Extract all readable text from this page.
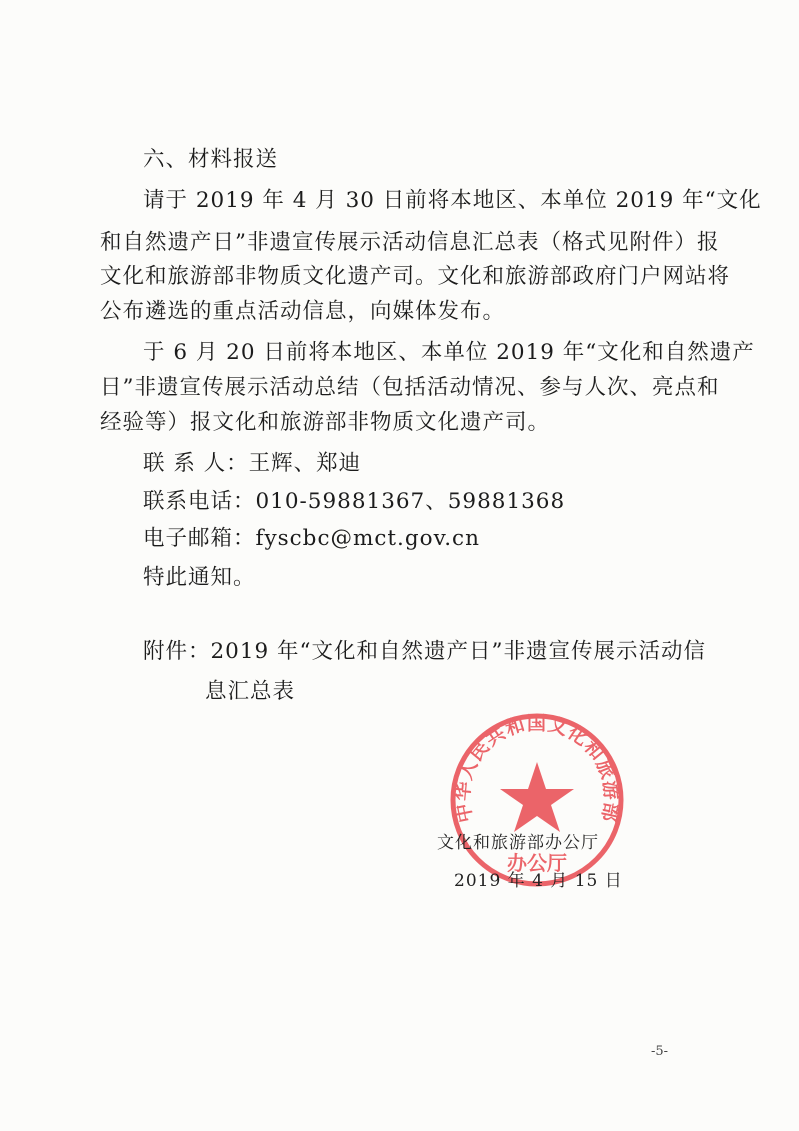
六、材料报送
请于 2019 年 4 月 30 日前将本地区、本单位 2019 年“文化
和自然遗产日”非遗宣传展示活动信息汇总表（格式见附件）报
文化和旅游部非物质文化遗产司。文化和旅游部政府门户网站将
公布遴选的重点活动信息，向媒体发布。
于 6 月 20 日前将本地区、本单位 2019 年“文化和自然遗产
日”非遗宣传展示活动总结（包括活动情况、参与人次、亮点和
经验等）报文化和旅游部非物质文化遗产司。
联 系 人：王辉、郑迪
联系电话：010-59881367、59881368
电子邮箱：fyscbc@mct.gov.cn
特此通知。
附件：2019 年“文化和自然遗产日”非遗宣传展示活动信
息汇总表
中华人民共和国文化和旅游部
办公厅
文化和旅游部办公厅
2019 年 4 月 15 日
-5-
